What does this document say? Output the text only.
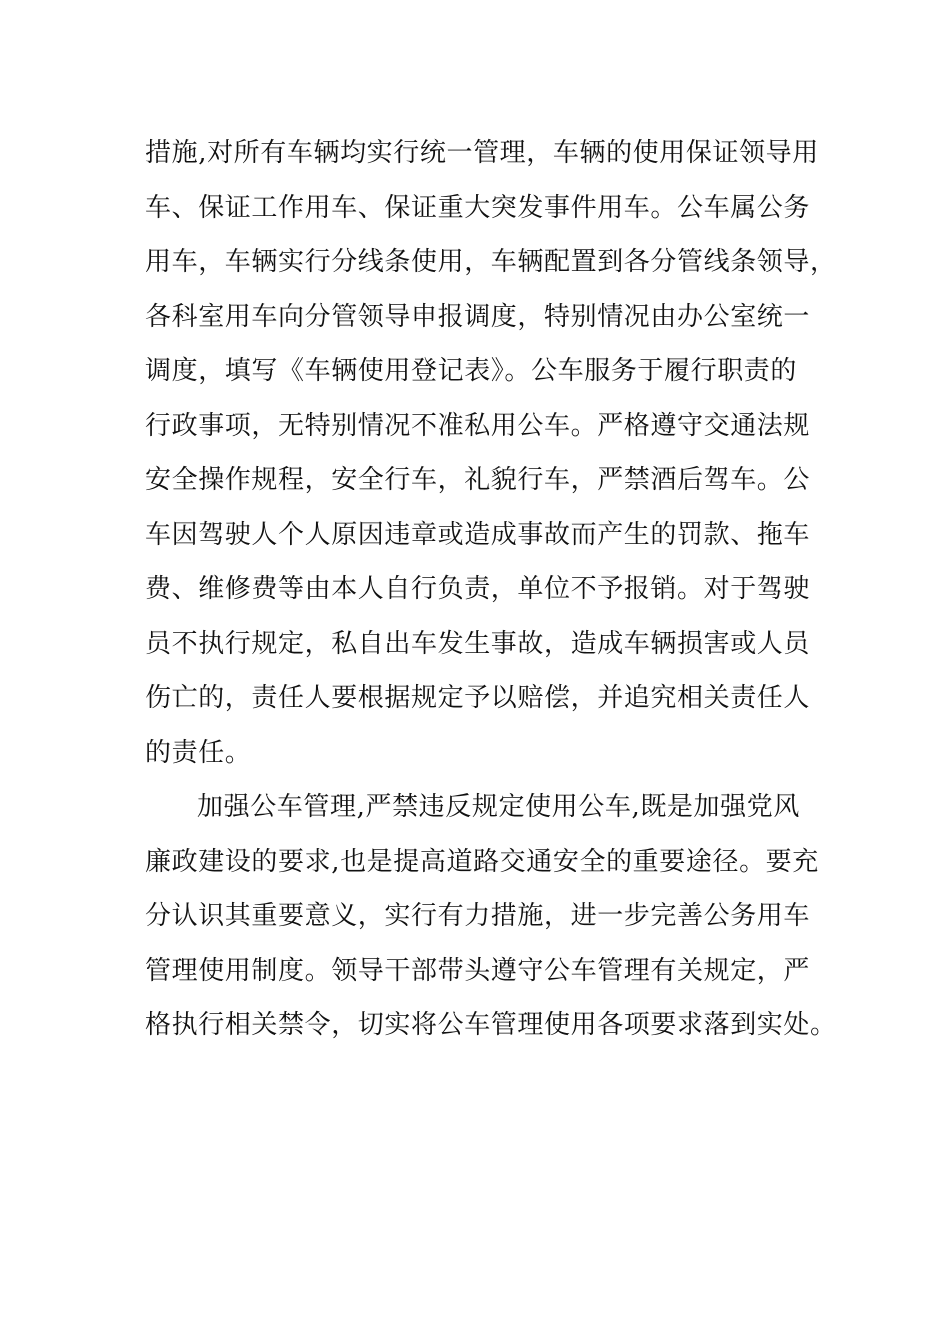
措施,对所有车辆均实行统一管理，车辆的使用保证领导用
车、保证工作用车、保证重大突发事件用车。公车属公务
用车，车辆实行分线条使用，车辆配置到各分管线条领导，
各科室用车向分管领导申报调度，特别情况由办公室统一
调度，填写《车辆使用登记表》。公车服务于履行职责的
行政事项，无特别情况不准私用公车。严格遵守交通法规
安全操作规程，安全行车，礼貌行车，严禁酒后驾车。公
车因驾驶人个人原因违章或造成事故而产生的罚款、拖车
费、维修费等由本人自行负责，单位不予报销。对于驾驶
员不执行规定，私自出车发生事故，造成车辆损害或人员
伤亡的，责任人要根据规定予以赔偿，并追究相关责任人
的责任。
加强公车管理,严禁违反规定使用公车,既是加强党风
廉政建设的要求,也是提高道路交通安全的重要途径。要充
分认识其重要意义，实行有力措施，进一步完善公务用车
管理使用制度。领导干部带头遵守公车管理有关规定，严
格执行相关禁令，切实将公车管理使用各项要求落到实处。
